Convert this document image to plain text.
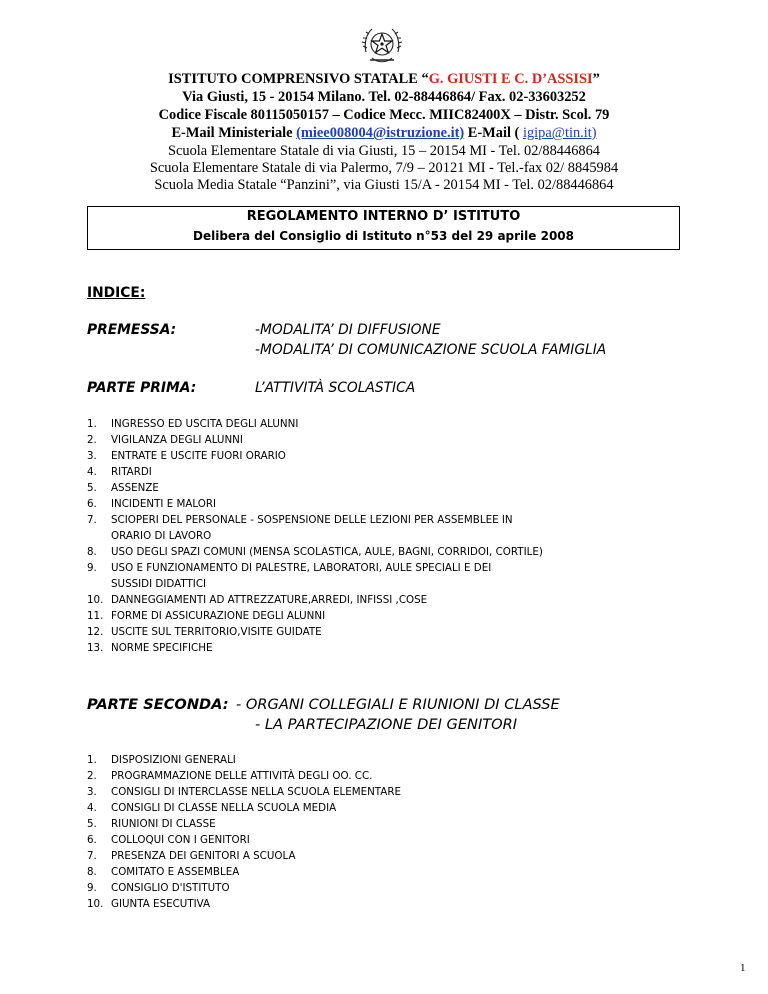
ISTITUTO COMPRENSIVO STATALE “G. GIUSTI E C. D’ASSISI”
Via Giusti, 15 - 20154 Milano. Tel. 02-88446864/ Fax. 02-33603252
Codice Fiscale 80115050157 – Codice Mecc. MIIC82400X – Distr. Scol. 79
E-Mail Ministeriale (miee008004@istruzione.it) E-Mail ( igipa@tin.it)
Scuola Elementare Statale di via Giusti, 15 – 20154 MI - Tel. 02/88446864
Scuola Elementare Statale di via Palermo, 7/9 – 20121 MI - Tel.-fax 02/ 8845984
Scuola Media Statale “Panzini”, via Giusti 15/A - 20154 MI - Tel. 02/88446864
REGOLAMENTO INTERNO D’ ISTITUTO
Delibera del Consiglio di Istituto n°53 del 29 aprile 2008
INDICE:
PREMESSA:	-MODALITA’ DI DIFFUSIONE
-MODALITA’ DI COMUNICAZIONE SCUOLA FAMIGLIA
PARTE PRIMA:	L’ATTIVITÀ SCOLASTICA
1. INGRESSO ED USCITA DEGLI ALUNNI
2. VIGILANZA DEGLI ALUNNI
3. ENTRATE E USCITE FUORI ORARIO
4. RITARDI
5. ASSENZE
6. INCIDENTI E MALORI
7. SCIOPERI DEL PERSONALE - SOSPENSIONE DELLE LEZIONI PER ASSEMBLEE IN
ORARIO DI LAVORO
8. USO DEGLI SPAZI COMUNI (MENSA SCOLASTICA, AULE, BAGNI, CORRIDOI, CORTILE)
9. USO E FUNZIONAMENTO DI PALESTRE, LABORATORI, AULE SPECIALI E DEI
SUSSIDI DIDATTICI
10. DANNEGGIAMENTI AD ATTREZZATURE,ARREDI, INFISSI ,COSE
11. FORME DI ASSICURAZIONE DEGLI ALUNNI
12. USCITE SUL TERRITORIO,VISITE GUIDATE
13. NORME SPECIFICHE
PARTE SECONDA: - ORGANI COLLEGIALI E RIUNIONI DI CLASSE
- LA PARTECIPAZIONE DEI GENITORI
1. DISPOSIZIONI GENERALI
2. PROGRAMMAZIONE DELLE ATTIVITÀ DEGLI OO. CC.
3. CONSIGLI DI INTERCLASSE NELLA SCUOLA ELEMENTARE
4. CONSIGLI DI CLASSE NELLA SCUOLA MEDIA
5. RIUNIONI DI CLASSE
6. COLLOQUI CON I GENITORI
7. PRESENZA DEI GENITORI A SCUOLA
8. COMITATO E ASSEMBLEA
9. CONSIGLIO D'ISTITUTO
10. GIUNTA ESECUTIVA
1
